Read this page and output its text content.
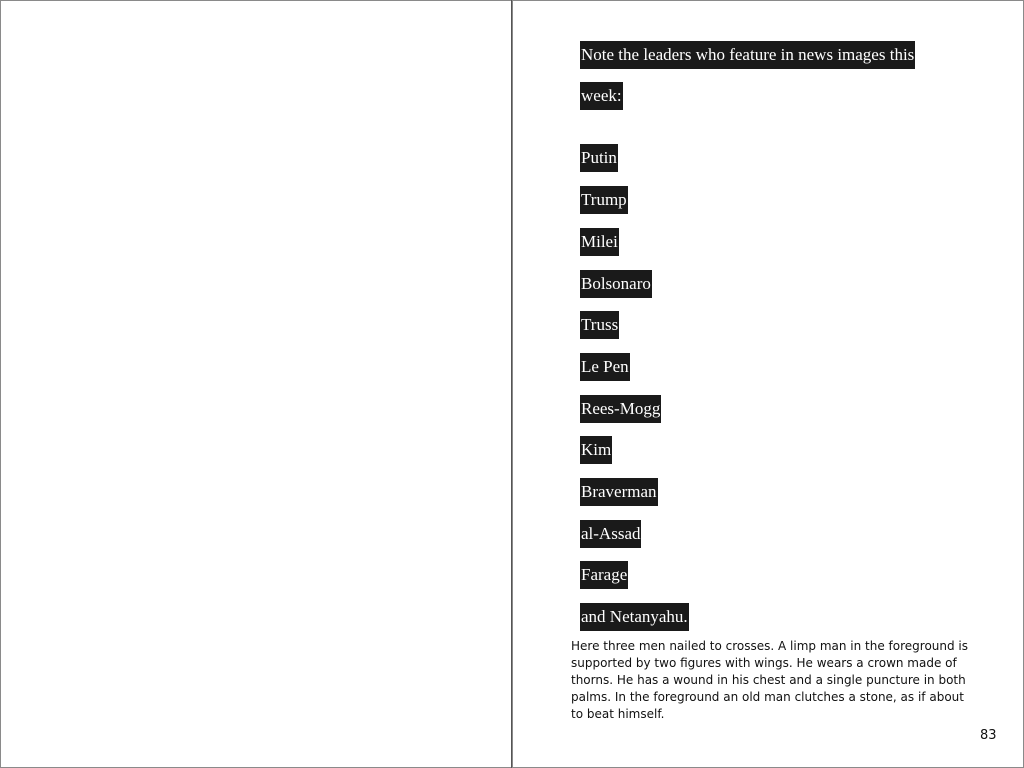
Note the leaders who feature in news images this
week:
Putin
Trump
Milei
Bolsonaro
Truss
Le Pen
Rees-Mogg
Kim
Braverman
al-Assad
Farage
and Netanyahu.
Here three men nailed to crosses. A limp man in the foreground is
supported by two figures with wings. He wears a crown made of
thorns. He has a wound in his chest and a single puncture in both
palms. In the foreground an old man clutches a stone, as if about
to beat himself.
83
